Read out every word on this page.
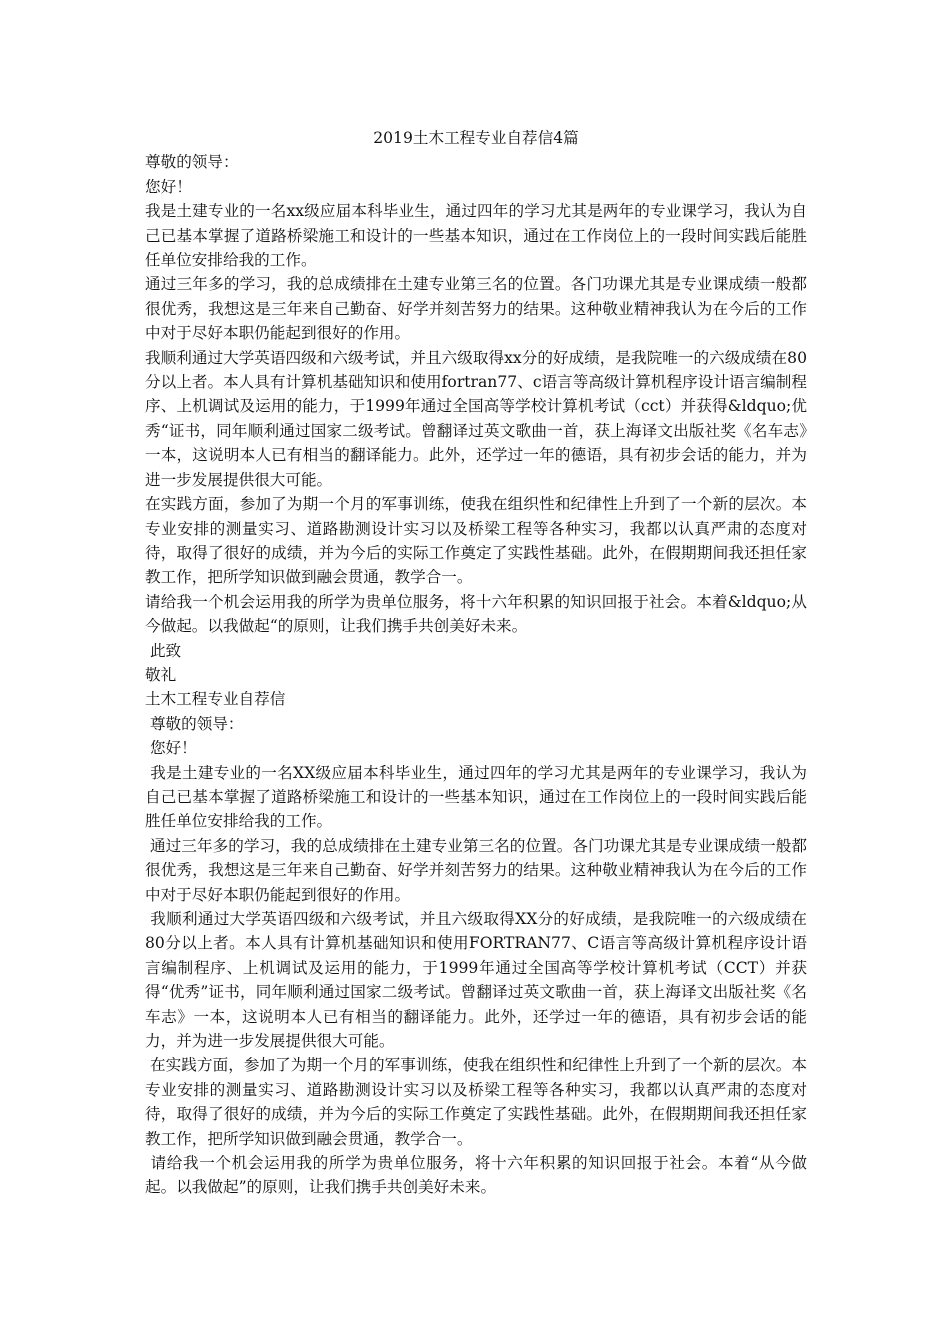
2019土木工程专业自荐信4篇

尊敬的领导：

您好！

我是土建专业的一名xx级应届本科毕业生，通过四年的学习尤其是两年的专业课学习，我认为自己已基本掌握了道路桥梁施工和设计的一些基本知识，通过在工作岗位上的一段时间实践后能胜任单位安排给我的工作。

通过三年多的学习，我的总成绩排在土建专业第三名的位置。各门功课尤其是专业课成绩一般都很优秀，我想这是三年来自己勤奋、好学并刻苦努力的结果。这种敬业精神我认为在今后的工作中对于尽好本职仍能起到很好的作用。

我顺利通过大学英语四级和六级考试，并且六级取得xx分的好成绩，是我院唯一的六级成绩在80分以上者。本人具有计算机基础知识和使用fortran77、c语言等高级计算机程序设计语言编制程序、上机调试及运用的能力，于1999年通过全国高等学校计算机考试（cct）并获得&ldquo;优秀“证书，同年顺利通过国家二级考试。曾翻译过英文歌曲一首，获上海译文出版社奖《名车志》一本，这说明本人已有相当的翻译能力。此外，还学过一年的德语，具有初步会话的能力，并为进一步发展提供很大可能。

在实践方面，参加了为期一个月的军事训练，使我在组织性和纪律性上升到了一个新的层次。本专业安排的测量实习、道路勘测设计实习以及桥梁工程等各种实习，我都以认真严肃的态度对待，取得了很好的成绩，并为今后的实际工作奠定了实践性基础。此外，在假期期间我还担任家教工作，把所学知识做到融会贯通，教学合一。

请给我一个机会运用我的所学为贵单位服务，将十六年积累的知识回报于社会。本着&ldquo;从今做起。以我做起“的原则，让我们携手共创美好未来。

此致

敬礼

土木工程专业自荐信

尊敬的领导：

您好！

我是土建专业的一名XX级应届本科毕业生，通过四年的学习尤其是两年的专业课学习，我认为自己已基本掌握了道路桥梁施工和设计的一些基本知识，通过在工作岗位上的一段时间实践后能胜任单位安排给我的工作。

通过三年多的学习，我的总成绩排在土建专业第三名的位置。各门功课尤其是专业课成绩一般都很优秀，我想这是三年来自己勤奋、好学并刻苦努力的结果。这种敬业精神我认为在今后的工作中对于尽好本职仍能起到很好的作用。

我顺利通过大学英语四级和六级考试，并且六级取得XX分的好成绩，是我院唯一的六级成绩在80分以上者。本人具有计算机基础知识和使用FORTRAN77、C语言等高级计算机程序设计语言编制程序、上机调试及运用的能力，于1999年通过全国高等学校计算机考试（CCT）并获得“优秀”证书，同年顺利通过国家二级考试。曾翻译过英文歌曲一首，获上海译文出版社奖《名车志》一本，这说明本人已有相当的翻译能力。此外，还学过一年的德语，具有初步会话的能力，并为进一步发展提供很大可能。

在实践方面，参加了为期一个月的军事训练，使我在组织性和纪律性上升到了一个新的层次。本专业安排的测量实习、道路勘测设计实习以及桥梁工程等各种实习，我都以认真严肃的态度对待，取得了很好的成绩，并为今后的实际工作奠定了实践性基础。此外，在假期期间我还担任家教工作，把所学知识做到融会贯通，教学合一。

请给我一个机会运用我的所学为贵单位服务，将十六年积累的知识回报于社会。本着“从今做起。以我做起”的原则，让我们携手共创美好未来。
